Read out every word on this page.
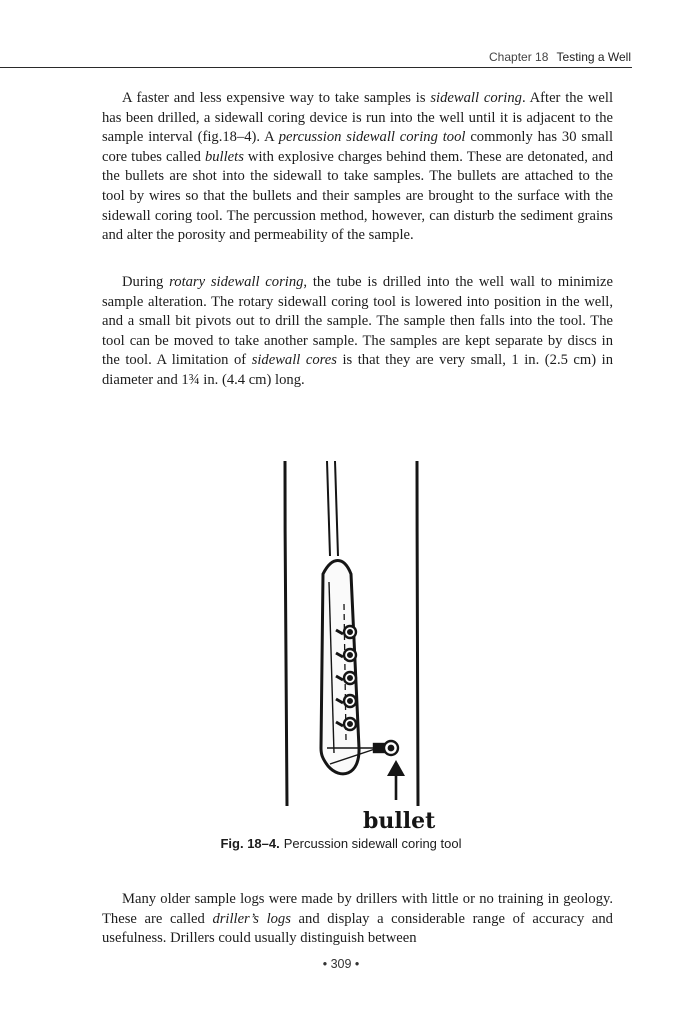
Chapter 18 Testing a Well

A faster and less expensive way to take samples is sidewall coring. After the well has been drilled, a sidewall coring device is run into the well until it is adjacent to the sample interval (fig.18–4). A percussion sidewall coring tool commonly has 30 small core tubes called bullets with explosive charges behind them. These are detonated, and the bullets are shot into the sidewall to take samples. The bullets are attached to the tool by wires so that the bullets and their samples are brought to the surface with the sidewall coring tool. The percussion method, however, can disturb the sediment grains and alter the porosity and permeability of the sample.

During rotary sidewall coring, the tube is drilled into the well wall to minimize sample alteration. The rotary sidewall coring tool is lowered into position in the well, and a small bit pivots out to drill the sample. The sample then falls into the tool. The tool can be moved to take another sample. The samples are kept separate by discs in the tool. A limitation of sidewall cores is that they are very small, 1 in. (2.5 cm) in diameter and 1¾ in. (4.4 cm) long.

bullet
Fig. 18–4. Percussion sidewall coring tool

Many older sample logs were made by drillers with little or no training in geology. These are called driller’s logs and display a considerable range of accuracy and usefulness. Drillers could usually distinguish between

• 309 •
